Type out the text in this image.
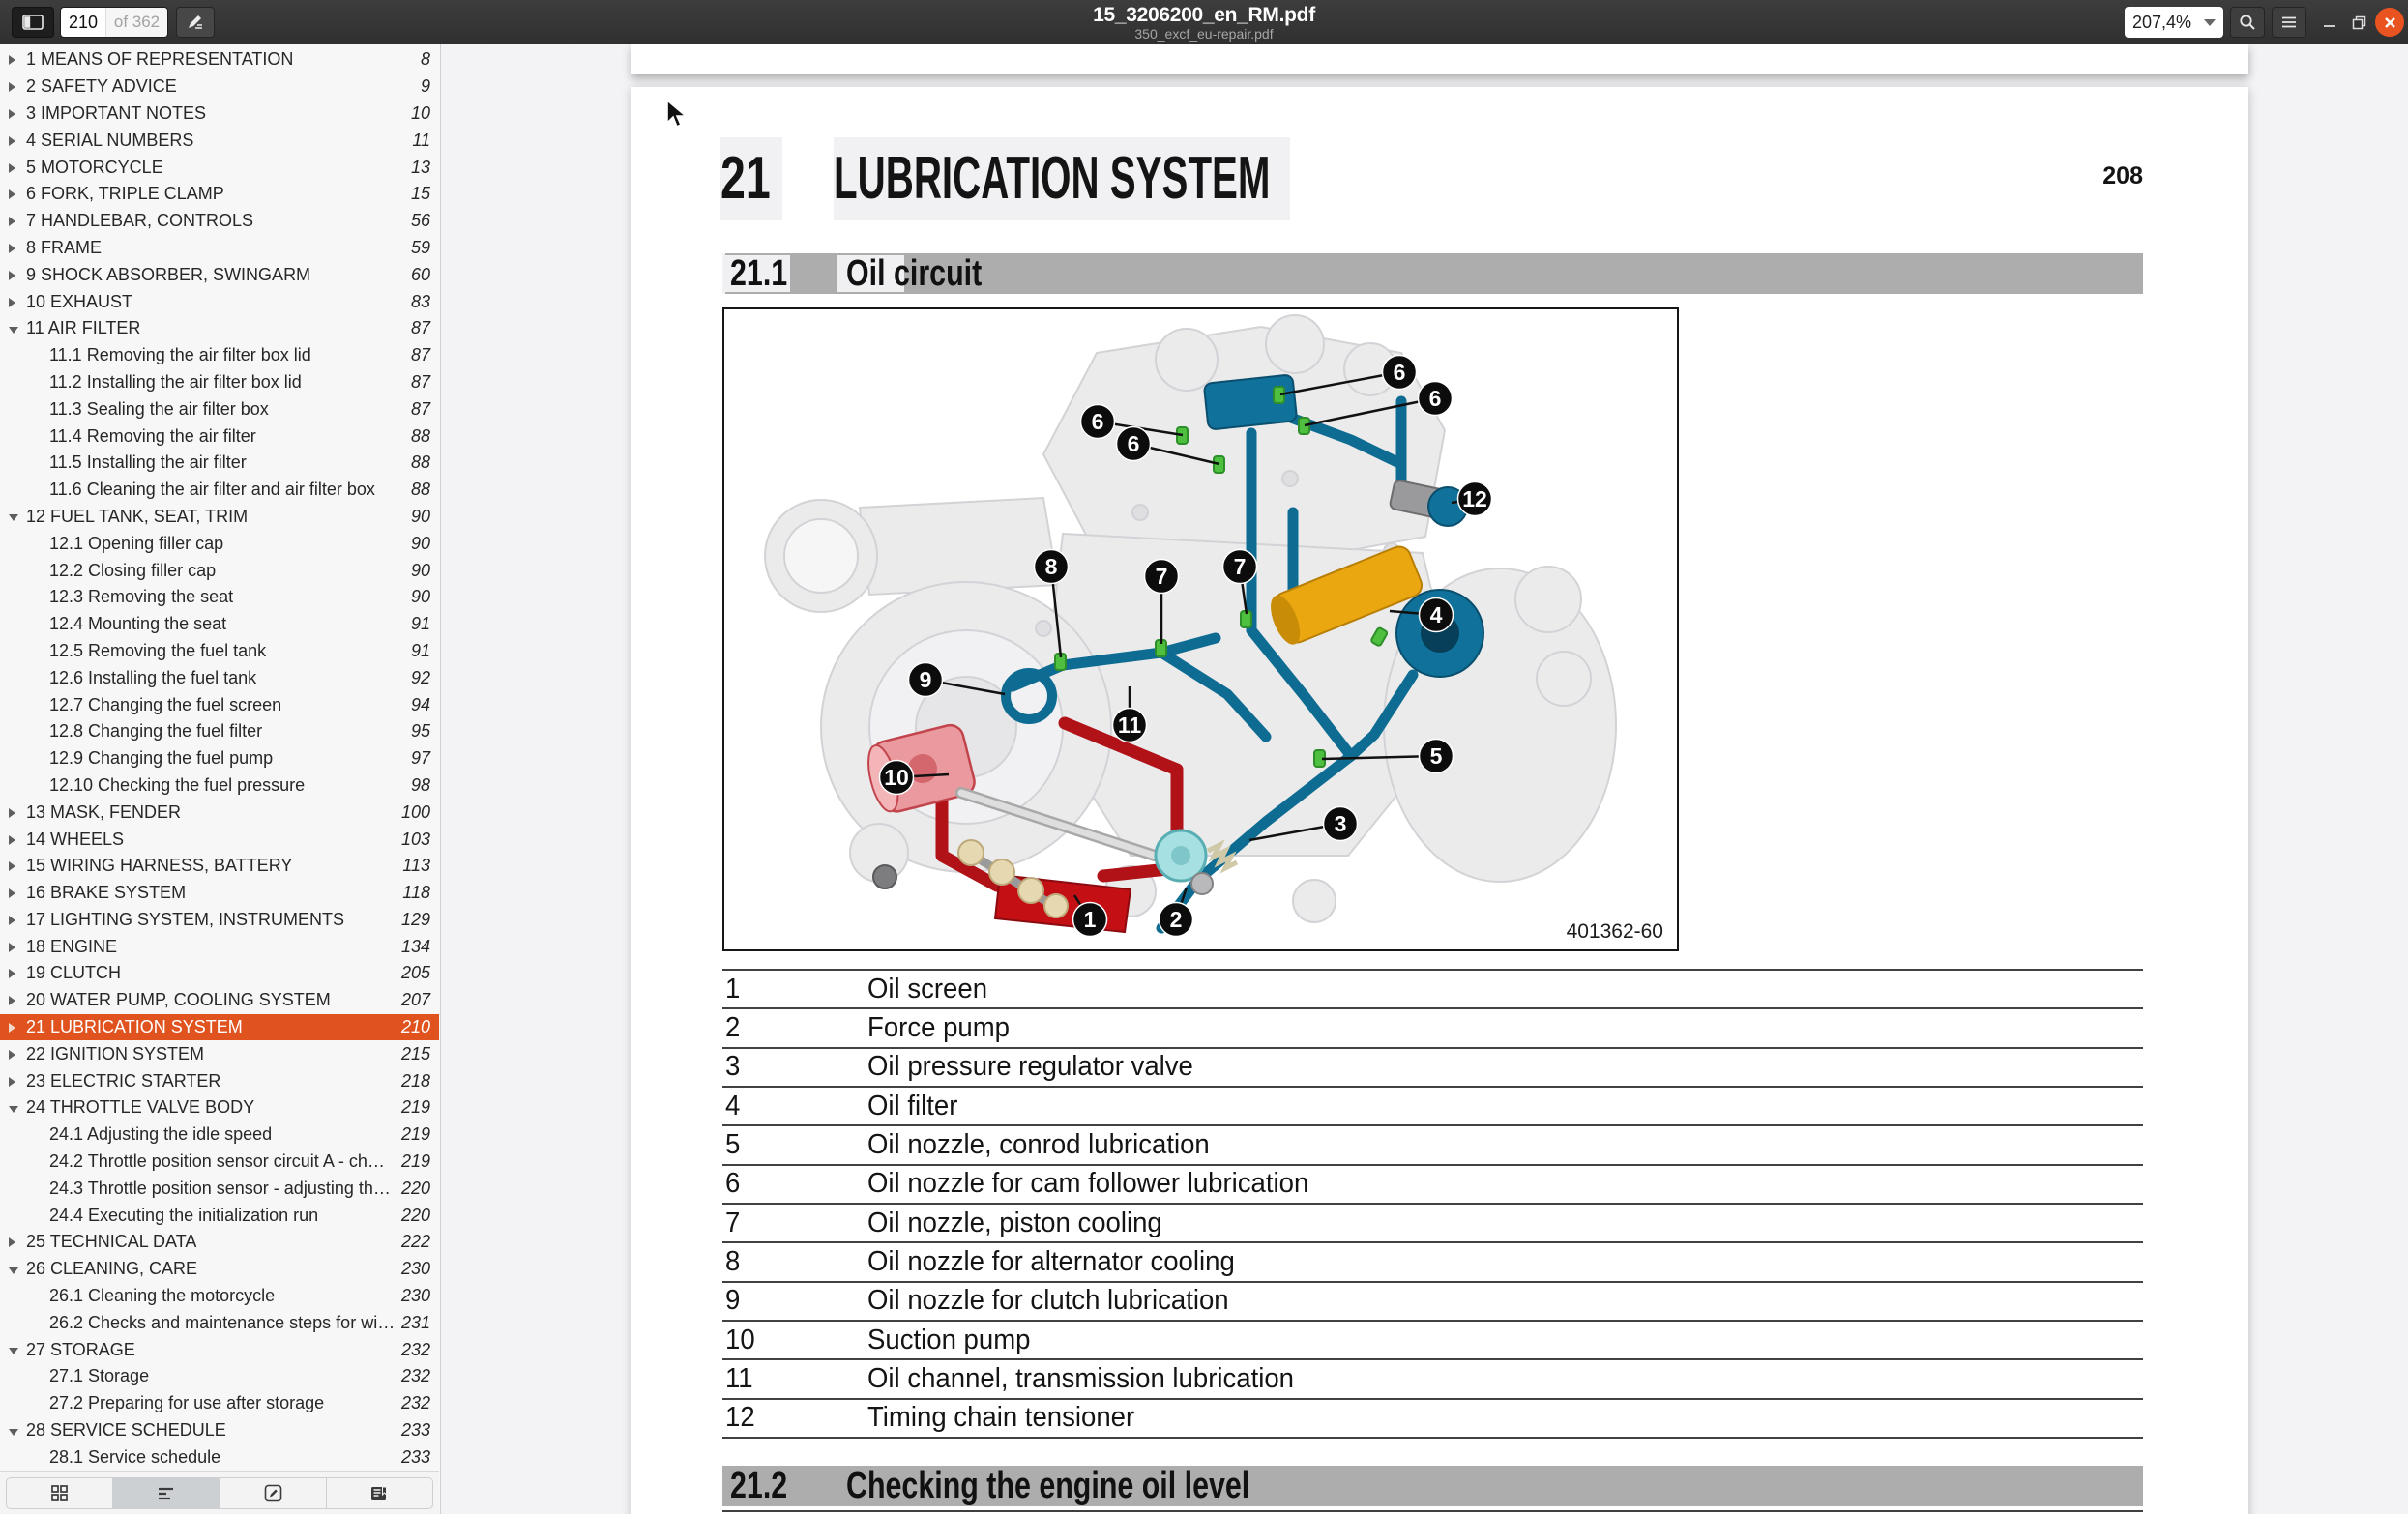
210 of 362	15_3206200_en_RM.pdf
350_excf_eu-repair.pdf
207,4%
1 MEANS OF REPRESENTATION	8
2 SAFETY ADVICE	9
3 IMPORTANT NOTES	10
4 SERIAL NUMBERS	11
5 MOTORCYCLE	13
6 FORK, TRIPLE CLAMP	15
7 HANDLEBAR, CONTROLS	56
8 FRAME	59
9 SHOCK ABSORBER, SWINGARM	60
10 EXHAUST	83
11 AIR FILTER	87
11.1 Removing the air filter box lid	87
11.2 Installing the air filter box lid	87
11.3 Sealing the air filter box	87
11.4 Removing the air filter	88
11.5 Installing the air filter	88
11.6 Cleaning the air filter and air filter box 88
12 FUEL TANK, SEAT, TRIM	90
12.1 Opening filler cap	90
12.2 Closing filler cap	90
12.3 Removing the seat	90
12.4 Mounting the seat	91
12.5 Removing the fuel tank	91
12.6 Installing the fuel tank	92
12.7 Changing the fuel screen	94
12.8 Changing the fuel filter	95
12.9 Changing the fuel pump	97
12.10 Checking the fuel pressure	98
13 MASK, FENDER	100
14 WHEELS	103
15 WIRING HARNESS, BATTERY	113
16 BRAKE SYSTEM	118
17 LIGHTING SYSTEM, INSTRUMENTS	129
18 ENGINE	134
19 CLUTCH	205
20 WATER PUMP, COOLING SYSTEM	207
21 LUBRICATION SYSTEM	210
22 IGNITION SYSTEM	215
23 ELECTRIC STARTER	218
24 THROTTLE VALVE BODY	219
24.1 Adjusting the idle speed	219
24.2 Throttle position sensor circuit A - ch… 219
24.3 Throttle position sensor - adjusting th… 220
24.4 Executing the initialization run	220
25 TECHNICAL DATA	222
26 CLEANING, CARE	230
26.1 Cleaning the motorcycle	230
26.2 Checks and maintenance steps for wi… 231
27 STORAGE	232
27.1 Storage	232
27.2 Preparing for use after storage	232
28 SERVICE SCHEDULE	233
28.1 Service schedule	233
21 LUBRICATION SYSTEM	208
21.1 Oil circuit
6
6
6
6
12
8	7	7
4
9
11
5
10
3
1	2	401362-60
1	Oil screen
2	Force pump
3	Oil pressure regulator valve
4	Oil filter
5	Oil nozzle, conrod lubrication
6	Oil nozzle for cam follower lubrication
7	Oil nozzle, piston cooling
8	Oil nozzle for alternator cooling
9	Oil nozzle for clutch lubrication
10	Suction pump
11	Oil channel, transmission lubrication
12	Timing chain tensioner
21.2 Checking the engine oil level
